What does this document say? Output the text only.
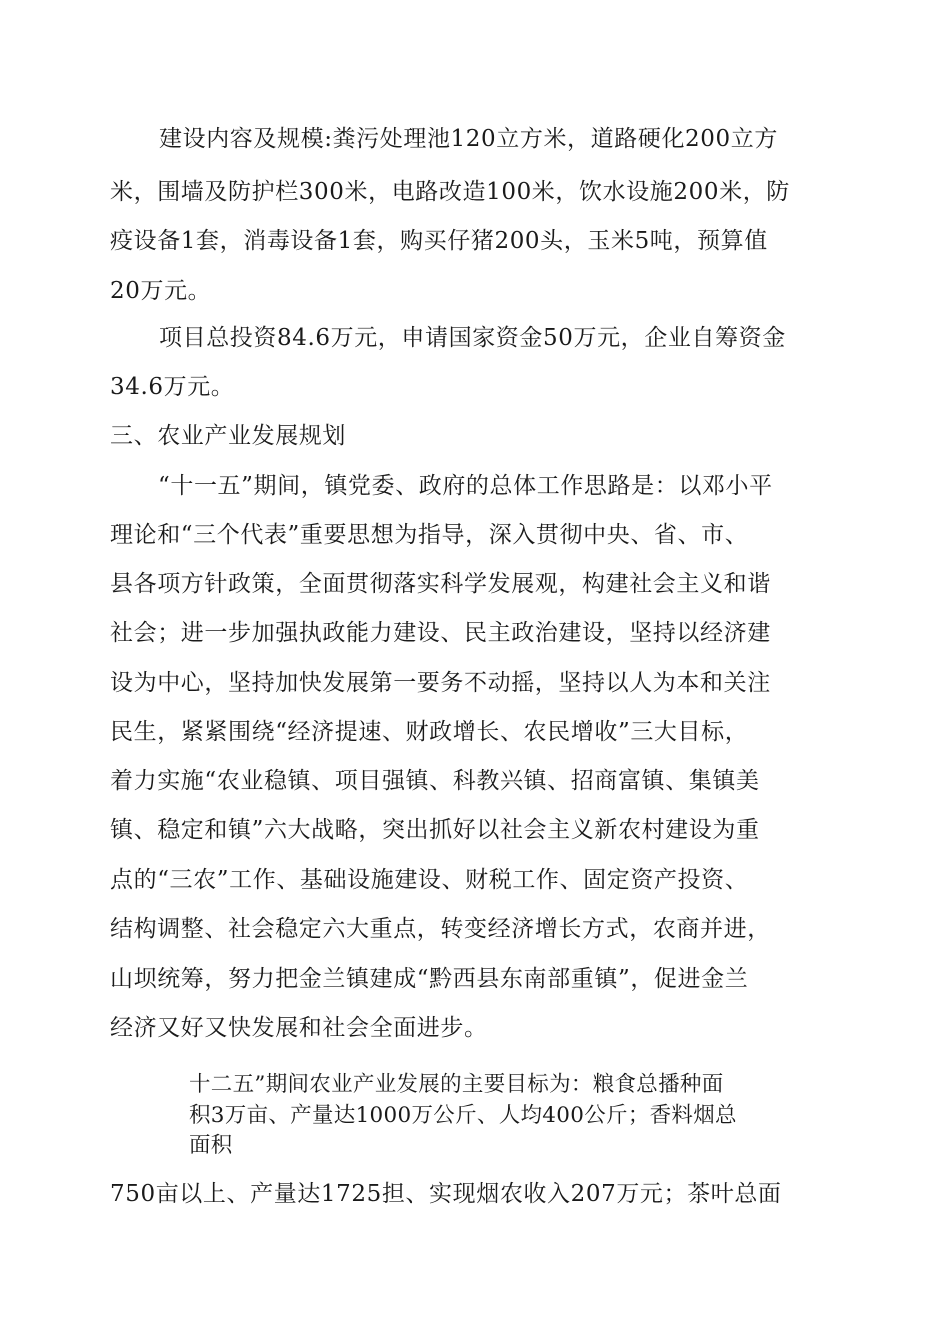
建设内容及规模:粪污处理池120立方米，道路硬化200立方
米，围墙及防护栏300米，电路改造100米，饮水设施200米，防
疫设备1套，消毒设备1套，购买仔猪200头，玉米5吨，预算值
20万元。
项目总投资84.6万元，申请国家资金50万元，企业自筹资金
34.6万元。
三、农业产业发展规划
“十一五”期间，镇党委、政府的总体工作思路是：以邓小平
理论和“三个代表”重要思想为指导，深入贯彻中央、省、市、
县各项方针政策，全面贯彻落实科学发展观，构建社会主义和谐
社会；进一步加强执政能力建设、民主政治建设，坚持以经济建
设为中心，坚持加快发展第一要务不动摇，坚持以人为本和关注
民生，紧紧围绕“经济提速、财政增长、农民增收”三大目标，
着力实施“农业稳镇、项目强镇、科教兴镇、招商富镇、集镇美
镇、稳定和镇”六大战略，突出抓好以社会主义新农村建设为重
点的“三农”工作、基础设施建设、财税工作、固定资产投资、
结构调整、社会稳定六大重点，转变经济增长方式，农商并进，
山坝统筹，努力把金兰镇建成“黔西县东南部重镇”，促进金兰
经济又好又快发展和社会全面进步。
十二五”期间农业产业发展的主要目标为：粮食总播种面
积3万亩、产量达1000万公斤、人均400公斤；香料烟总
面积
750亩以上、产量达1725担、实现烟农收入207万元；茶叶总面
